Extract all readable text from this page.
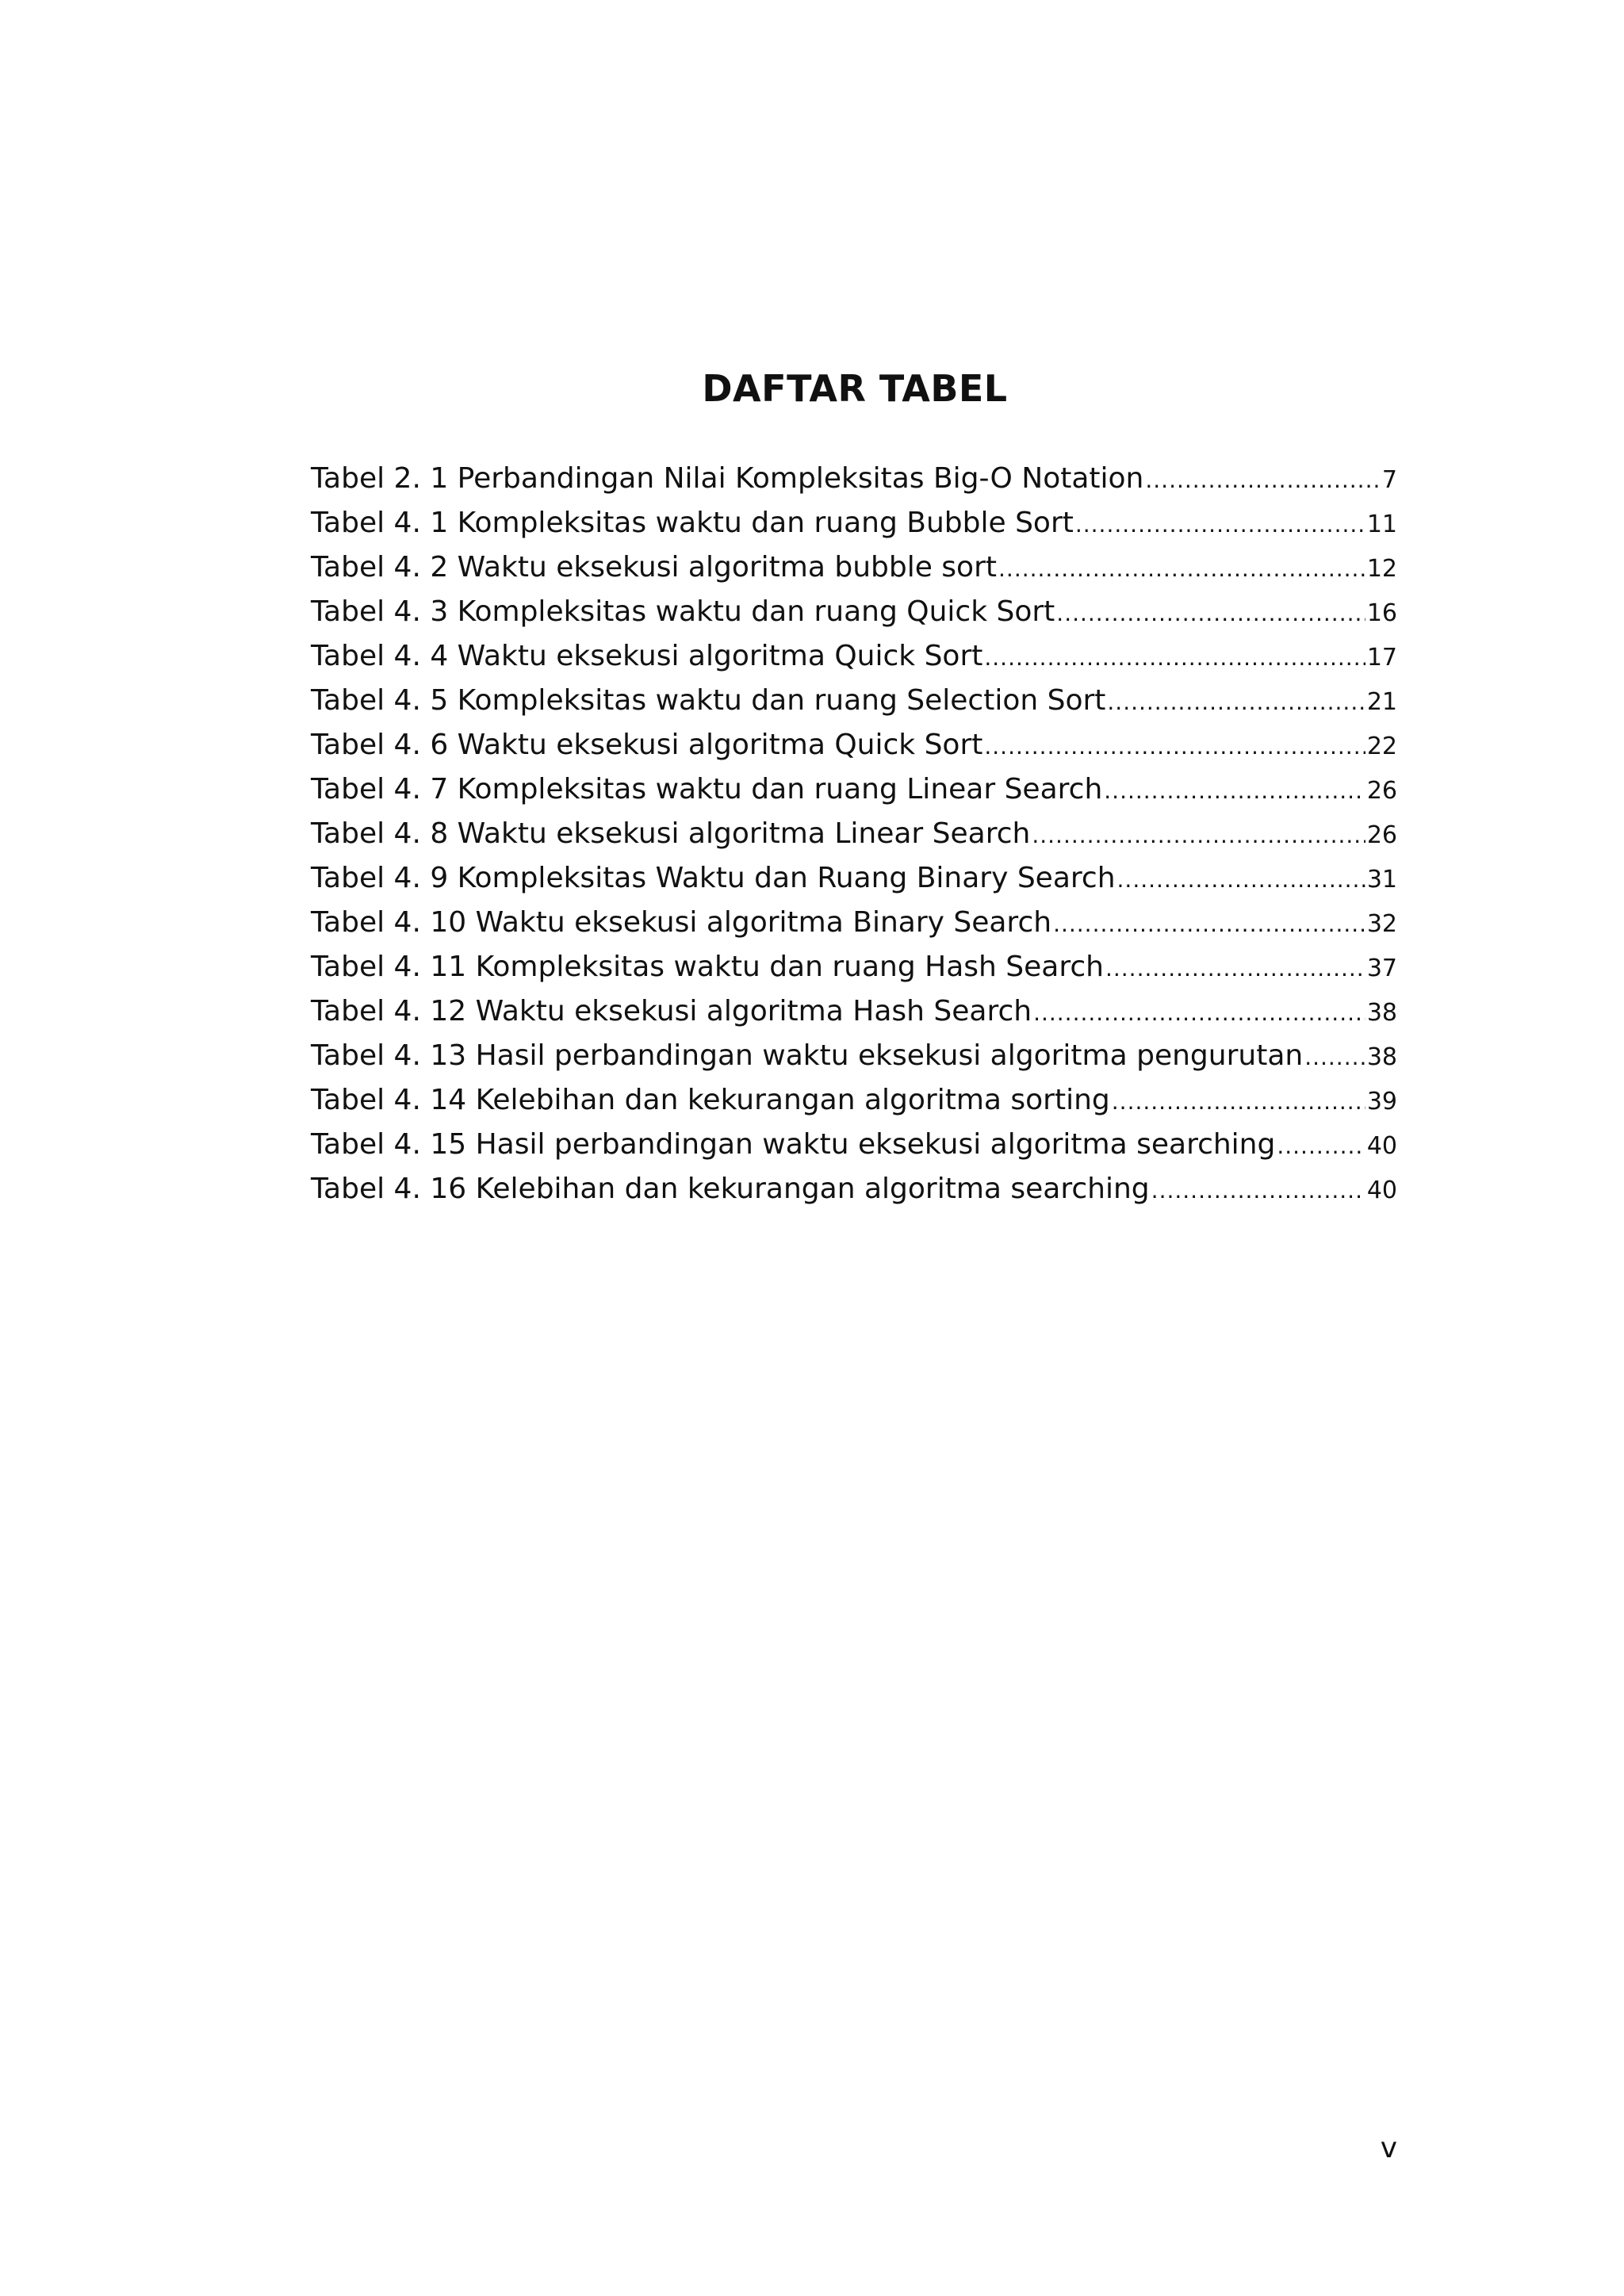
DAFTAR TABEL
Tabel 2. 1 Perbandingan Nilai Kompleksitas Big-O Notation .....	7
Tabel 4. 1 Kompleksitas waktu dan ruang Bubble Sort .....	11
Tabel 4. 2 Waktu eksekusi algoritma bubble sort .....	12
Tabel 4. 3 Kompleksitas waktu dan ruang Quick Sort .....	16
Tabel 4. 4 Waktu eksekusi algoritma Quick Sort .....	17
Tabel 4. 5 Kompleksitas waktu dan ruang Selection Sort .....	21
Tabel 4. 6 Waktu eksekusi algoritma Quick Sort .....	22
Tabel 4. 7 Kompleksitas waktu dan ruang Linear Search .....	26
Tabel 4. 8 Waktu eksekusi algoritma Linear Search .....	26
Tabel 4. 9 Kompleksitas Waktu dan Ruang Binary Search .....	31
Tabel 4. 10 Waktu eksekusi algoritma Binary Search .....	32
Tabel 4. 11 Kompleksitas waktu dan ruang Hash Search .....	37
Tabel 4. 12 Waktu eksekusi algoritma Hash Search .....	38
Tabel 4. 13 Hasil perbandingan waktu eksekusi algoritma pengurutan .....	38
Tabel 4. 14 Kelebihan dan kekurangan algoritma sorting .....	39
Tabel 4. 15 Hasil perbandingan waktu eksekusi algoritma searching .....	40
Tabel 4. 16 Kelebihan dan kekurangan algoritma searching .....	40
v
